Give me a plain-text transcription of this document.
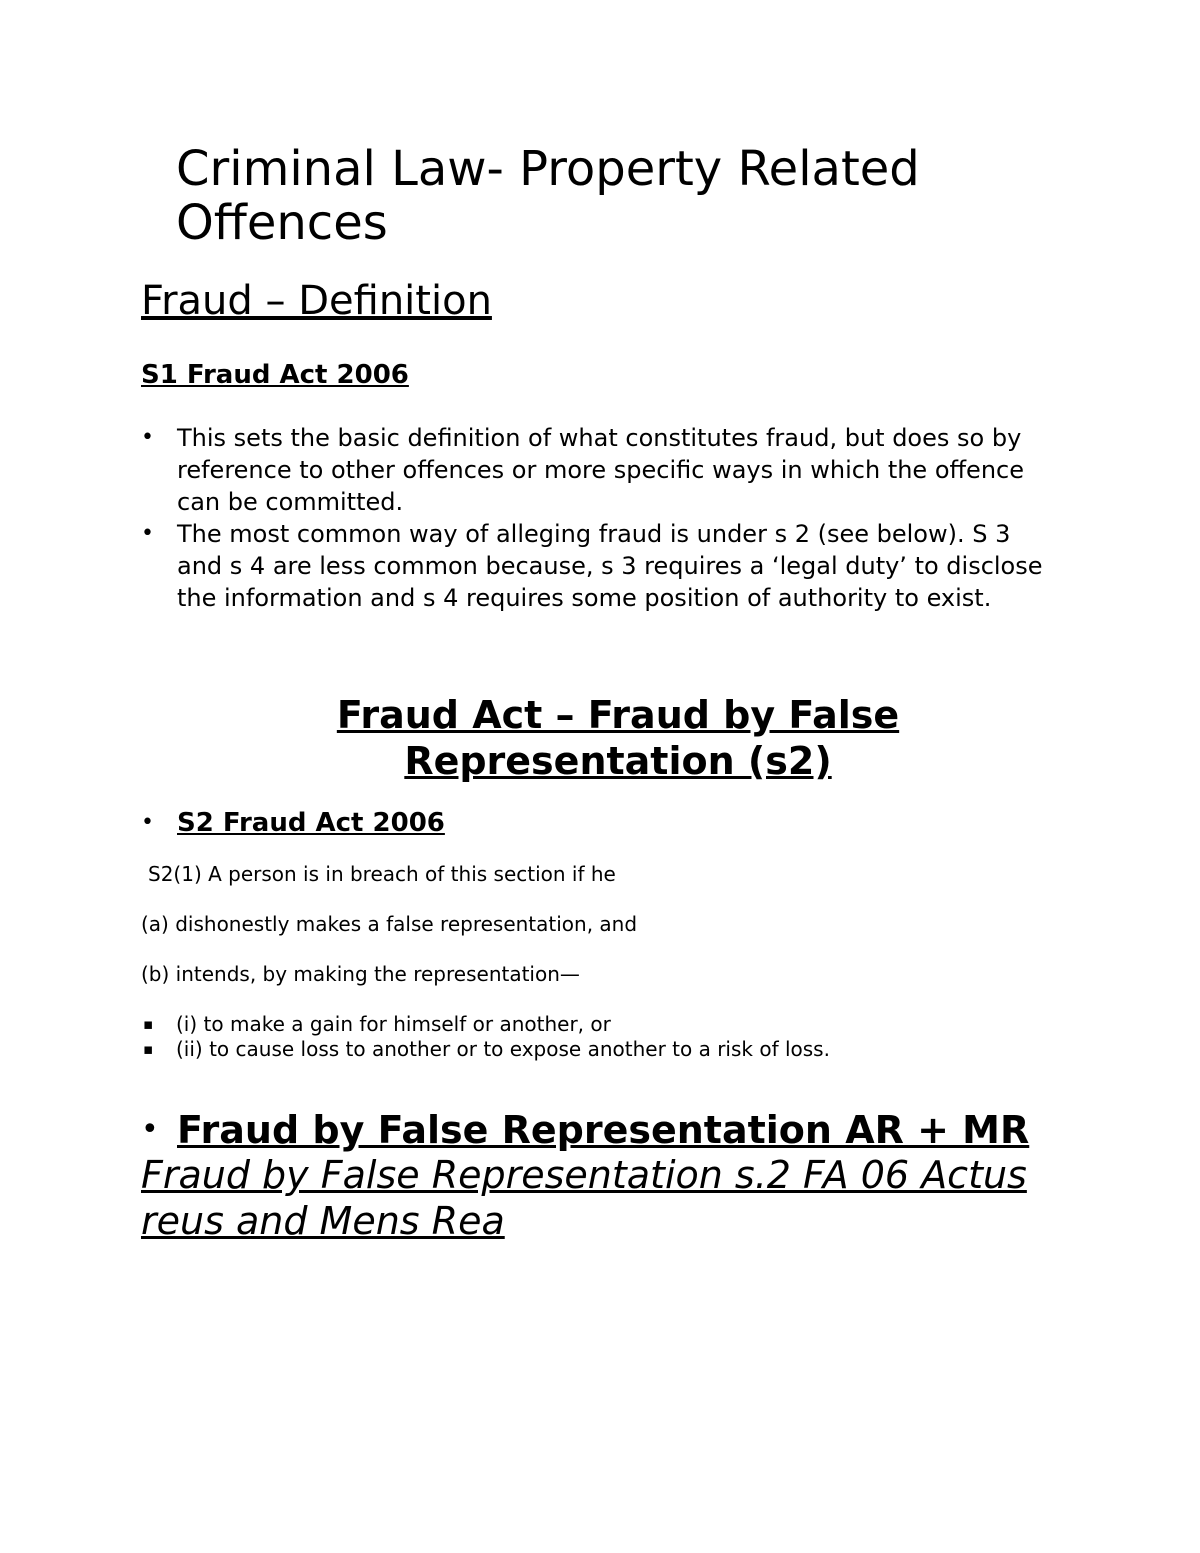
Criminal Law- Property Related Offences
Fraud – Definition
S1 Fraud Act 2006
• This sets the basic definition of what constitutes fraud, but does so by reference to other offences or more specific ways in which the offence can be committed.
• The most common way of alleging fraud is under s 2 (see below). S 3 and s 4 are less common because, s 3 requires a ‘legal duty’ to disclose the information and s 4 requires some position of authority to exist.
Fraud Act – Fraud by False Representation (s2)
• S2 Fraud Act 2006

S2(1) A person is in breach of this section if he

(a) dishonestly makes a false representation, and

(b) intends, by making the representation—

▪ (i) to make a gain for himself or another, or
▪ (ii) to cause loss to another or to expose another to a risk of loss.
• Fraud by False Representation AR + MR
Fraud by False Representation s.2 FA 06 Actus reus and Mens Rea
